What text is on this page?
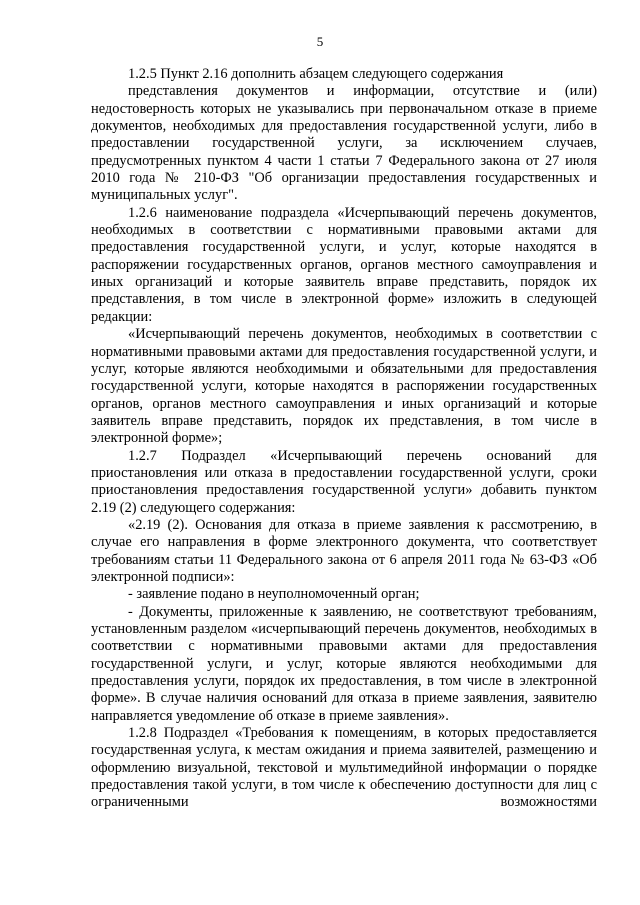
5

1.2.5 Пункт 2.16 дополнить абзацем следующего содержания

представления документов и информации, отсутствие и (или) недостоверность которых не указывались при первоначальном отказе в приеме документов, необходимых для предоставления государственной услуги, либо в предоставлении государственной услуги, за исключением случаев, предусмотренных пунктом 4 части 1 статьи 7 Федерального закона от 27 июля 2010 года № 210-ФЗ "Об организации предоставления государственных и муниципальных услуг".

1.2.6 наименование подраздела «Исчерпывающий перечень документов, необходимых в соответствии с нормативными правовыми актами для предоставления государственной услуги, и услуг, которые находятся в распоряжении государственных органов, органов местного самоуправления и иных организаций и которые заявитель вправе представить, порядок их представления, в том числе в электронной форме» изложить в следующей редакции:

«Исчерпывающий перечень документов, необходимых в соответствии с нормативными правовыми актами для предоставления государственной услуги, и услуг, которые являются необходимыми и обязательными для предоставления государственной услуги, которые находятся в распоряжении государственных органов, органов местного самоуправления и иных организаций и которые заявитель вправе представить, порядок их представления, в том числе в электронной форме»;

1.2.7 Подраздел «Исчерпывающий перечень оснований для приостановления или отказа в предоставлении государственной услуги, сроки приостановления предоставления государственной услуги» добавить пунктом 2.19 (2) следующего содержания:

«2.19 (2). Основания для отказа в приеме заявления к рассмотрению, в случае его направления в форме электронного документа, что соответствует требованиям статьи 11 Федерального закона от 6 апреля 2011 года № 63-ФЗ «Об электронной подписи»:

- заявление подано в неуполномоченный орган;

- Документы, приложенные к заявлению, не соответствуют требованиям, установленным разделом «исчерпывающий перечень документов, необходимых в соответствии с нормативными правовыми актами для предоставления государственной услуги, и услуг, которые являются необходимыми для предоставления услуги, порядок их предоставления, в том числе в электронной форме». В случае наличия оснований для отказа в приеме заявления, заявителю направляется уведомление об отказе в приеме заявления».

1.2.8 Подраздел «Требования к помещениям, в которых предоставляется государственная услуга, к местам ожидания и приема заявителей, размещению и оформлению визуальной, текстовой и мультимедийной информации о порядке предоставления такой услуги, в том числе к обеспечению доступности для лиц с ограниченными возможностями
